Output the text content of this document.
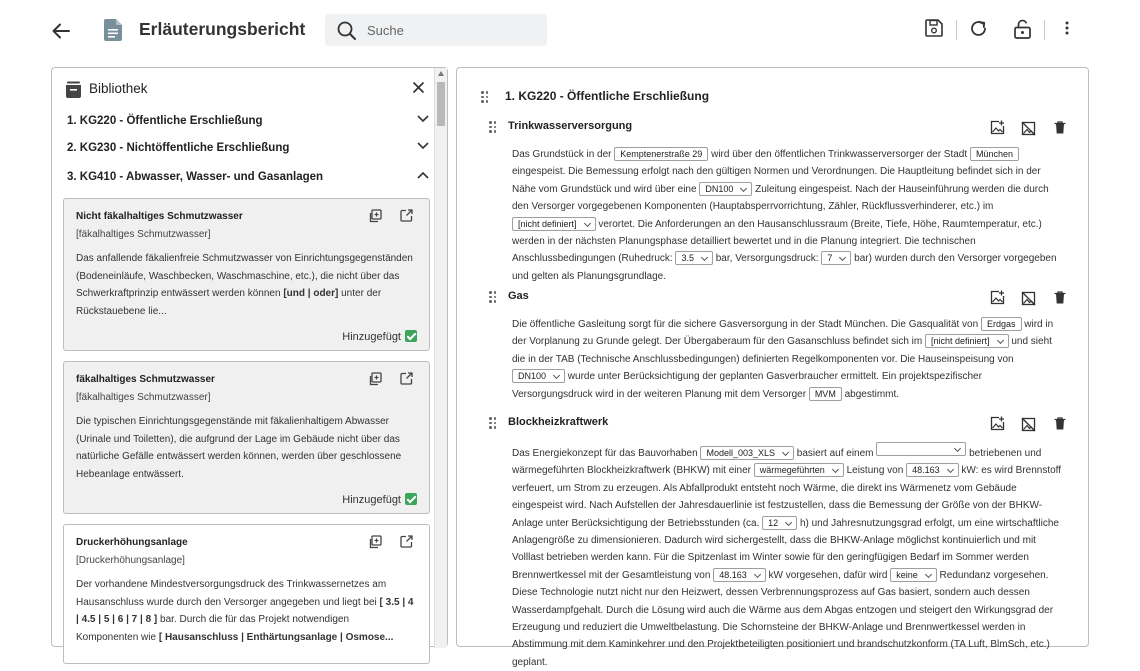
Erläuterungsbericht
Suche
Bibliothek
1. KG220 - Öffentliche Erschließung
2. KG230 - Nichtöffentliche Erschließung
3. KG410 - Abwasser, Wasser- und Gasanlagen
Nicht fäkalhaltiges Schmutzwasser
[fäkalhaltiges Schmutzwasser]
Das anfallende fäkalienfreie Schmutzwasser von Einrichtungsgegenständen (Bodeneinläufe, Waschbecken, Waschmaschine, etc.), die nicht über das Schwerkraftprinzip entwässert werden können [und | oder] unter der Rückstauebene lie...
Hinzugefügt
fäkalhaltiges Schmutzwasser
[fäkalhaltiges Schmutzwasser]
Die typischen Einrichtungsgegenstände mit fäkalienhaltigem Abwasser (Urinale und Toiletten), die aufgrund der Lage im Gebäude nicht über das natürliche Gefälle entwässert werden können, werden über geschlossene Hebeanlage entwässert.
Hinzugefügt
Druckerhöhungsanlage
[Druckerhöhungsanlage]
Der vorhandene Mindestversorgungsdruck des Trinkwassernetzes am Hausanschluss wurde durch den Versorger angegeben und liegt bei [ 3.5 | 4 | 4.5 | 5 | 6 | 7 | 8 ] bar. Durch die für das Projekt notwendigen Komponenten wie [ Hausanschluss | Enthärtungsanlage | Osmose...
1. KG220 - Öffentliche Erschließung
Trinkwasserversorgung
Das Grundstück in der Kemptenerstraße 29 wird über den öffentlichen Trinkwasserversorger der Stadt München eingespeist. Die Bemessung erfolgt nach den gültigen Normen und Verordnungen. Die Hauptleitung befindet sich in der Nähe vom Grundstück und wird über eine DN100 Zuleitung eingespeist. Nach der Hauseinführung werden die durch den Versorger vorgegebenen Komponenten (Hauptabsperrvorrichtung, Zähler, Rückflussverhinderer, etc.) im [nicht definiert] verortet. Die Anforderungen an den Hausanschlussraum (Breite, Tiefe, Höhe, Raumtemperatur, etc.) werden in der nächsten Planungsphase detailliert bewertet und in die Planung integriert. Die technischen Anschlussbedingungen (Ruhedruck: 3.5 bar, Versorgungsdruck: 7 bar) wurden durch den Versorger vorgegeben und gelten als Planungsgrundlage.
Gas
Die öffentliche Gasleitung sorgt für die sichere Gasversorgung in der Stadt München. Die Gasqualität von Erdgas wird in der Vorplanung zu Grunde gelegt. Der Übergaberaum für den Gasanschluss befindet sich im [nicht definiert] und sieht die in der TAB (Technische Anschlussbedingungen) definierten Regelkomponenten vor. Die Hauseinspeisung von DN100 wurde unter Berücksichtigung der geplanten Gasverbraucher ermittelt. Ein projektspezifischer Versorgungsdruck wird in der weiteren Planung mit dem Versorger MVM abgestimmt.
Blockheizkraftwerk
Das Energiekonzept für das Bauvorhaben Modell_003_XLS basiert auf einem	betriebenen und wärmegeführten Blockheizkraftwerk (BHKW) mit einer wärmegeführten Leistung von 48.163 kW: es wird Brennstoff verfeuert, um Strom zu erzeugen. Als Abfallprodukt entsteht noch Wärme, die direkt ins Wärmenetz vom Gebäude eingespeist wird. Nach Aufstellen der Jahresdauerlinie ist festzustellen, dass die Bemessung der Größe von der BHKW-Anlage unter Berücksichtigung der Betriebsstunden (ca. 12 h) und Jahresnutzungsgrad erfolgt, um eine wirtschaftliche Anlagengröße zu dimensionieren. Dadurch wird sichergestellt, dass die BHKW-Anlage möglichst kontinuierlich und mit Volllast betrieben werden kann. Für die Spitzenlast im Winter sowie für den geringfügigen Bedarf im Sommer werden Brennwertkessel mit der Gesamtleistung von 48.163 kW vorgesehen, dafür wird keine Redundanz vorgesehen. Diese Technologie nutzt nicht nur den Heizwert, dessen Verbrennungsprozess auf Gas basiert, sondern auch dessen Wasserdampfgehalt. Durch die Lösung wird auch die Wärme aus dem Abgas entzogen und steigert den Wirkungsgrad der Erzeugung und reduziert die Umweltbelastung. Die Schornsteine der BHKW-Anlage und Brennwertkessel werden in Abstimmung mit dem Kaminkehrer und den Projektbeteiligten positioniert und brandschutzkonform (TA Luft, BlmSch, etc.) geplant.
